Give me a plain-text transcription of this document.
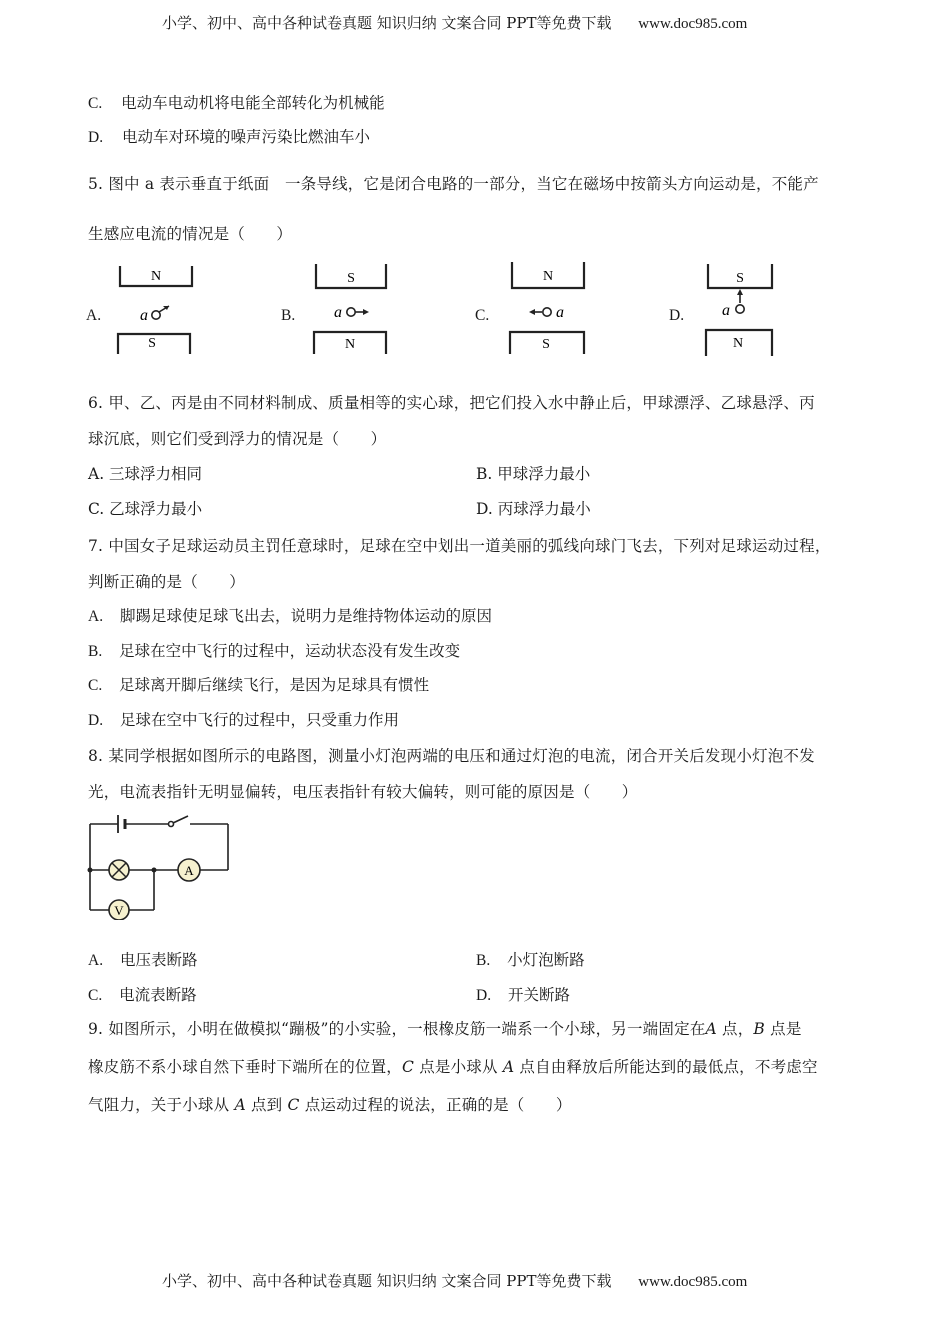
小学、初中、高中各种试卷真题 知识归纳 文案合同 PPT等免费下载 www.doc985.com
C. 电动车电动机将电能全部转化为机械能
D. 电动车对环境的噪声污染比燃油车小
5. 图中 a 表示垂直于纸面　一条导线，它是闭合电路的一部分，当它在磁场中按箭头方向运动是，不能产
生感应电流的情况是（　　）
A.	B.	C.	D.
N
a
S
S
a
N
N
a
S
S
a
N
6. 甲、乙、丙是由不同材料制成、质量相等的实心球，把它们投入水中静止后，甲球漂浮、乙球悬浮、丙
球沉底，则它们受到浮力的情况是（　　）
A. 三球浮力相同	B. 甲球浮力最小
C. 乙球浮力最小	D. 丙球浮力最小
7. 中国女子足球运动员主罚任意球时，足球在空中划出一道美丽的弧线向球门飞去，下列对足球运动过程，
判断正确的是（　　）
A. 脚踢足球使足球飞出去，说明力是维持物体运动的原因
B. 足球在空中飞行的过程中，运动状态没有发生改变
C. 足球离开脚后继续飞行，是因为足球具有惯性
D. 足球在空中飞行的过程中，只受重力作用
8. 某同学根据如图所示的电路图，测量小灯泡两端的电压和通过灯泡的电流，闭合开关后发现小灯泡不发
光，电流表指针无明显偏转，电压表指针有较大偏转，则可能的原因是（　　）
A
V
A. 电压表断路	B. 小灯泡断路
C. 电流表断路	D. 开关断路
9. 如图所示，小明在做模拟“蹦极”的小实验，一根橡皮筋一端系一个小球，另一端固定在A 点，B 点是
橡皮筋不系小球自然下垂时下端所在的位置，C 点是小球从 A 点自由释放后所能达到的最低点，不考虑空
气阻力，关于小球从 A 点到 C 点运动过程的说法，正确的是（　　）
小学、初中、高中各种试卷真题 知识归纳 文案合同 PPT等免费下载 www.doc985.com
